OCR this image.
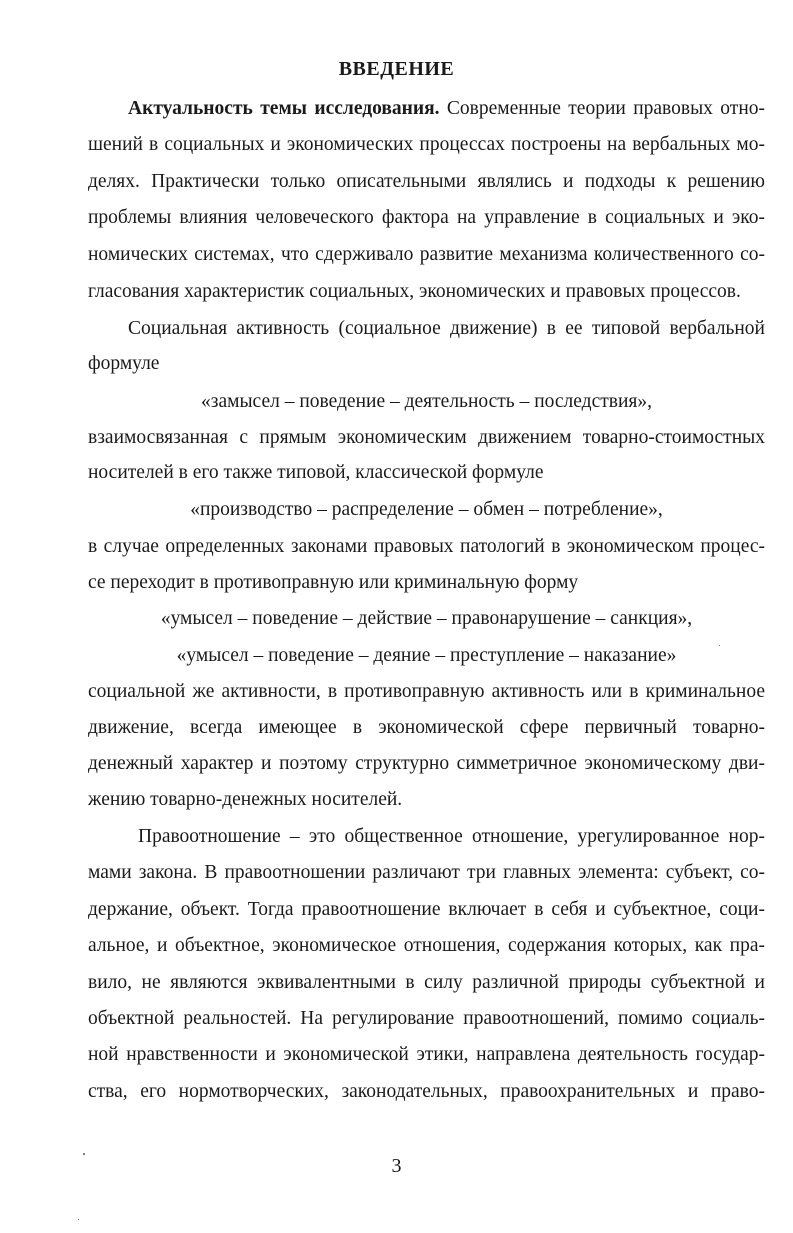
ВВЕДЕНИЕ
Актуальность темы исследования. Современные теории правовых отно-
шений в социальных и экономических процессах построены на вербальных мо-
делях. Практически только описательными являлись и подходы к решению
проблемы влияния человеческого фактора на управление в социальных и эко-
номических системах, что сдерживало развитие механизма количественного со-
гласования характеристик социальных, экономических и правовых процессов.
Социальная активность (социальное движение) в ее типовой вербальной
формуле
«замысел – поведение – деятельность – последствия»,
взаимосвязанная с прямым экономическим движением товарно-стоимостных
носителей в его также типовой, классической формуле
«производство – распределение – обмен – потребление»,
в случае определенных законами правовых патологий в экономическом процес-
се переходит в противоправную или криминальную форму
«умысел – поведение – действие – правонарушение – санкция»,
«умысел – поведение – деяние – преступление – наказание»
социальной же активности, в противоправную активность или в криминальное
движение, всегда имеющее в экономической сфере первичный товарно-
денежный характер и поэтому структурно симметричное экономическому дви-
жению товарно-денежных носителей.
Правоотношение – это общественное отношение, урегулированное нор-
мами закона. В правоотношении различают три главных элемента: субъект, со-
держание, объект. Тогда правоотношение включает в себя и субъектное, соци-
альное, и объектное, экономическое отношения, содержания которых, как пра-
вило, не являются эквивалентными в силу различной природы субъектной и
объектной реальностей. На регулирование правоотношений, помимо социаль-
ной нравственности и экономической этики, направлена деятельность государ-
ства, его нормотворческих, законодательных, правоохранительных и право-
3
